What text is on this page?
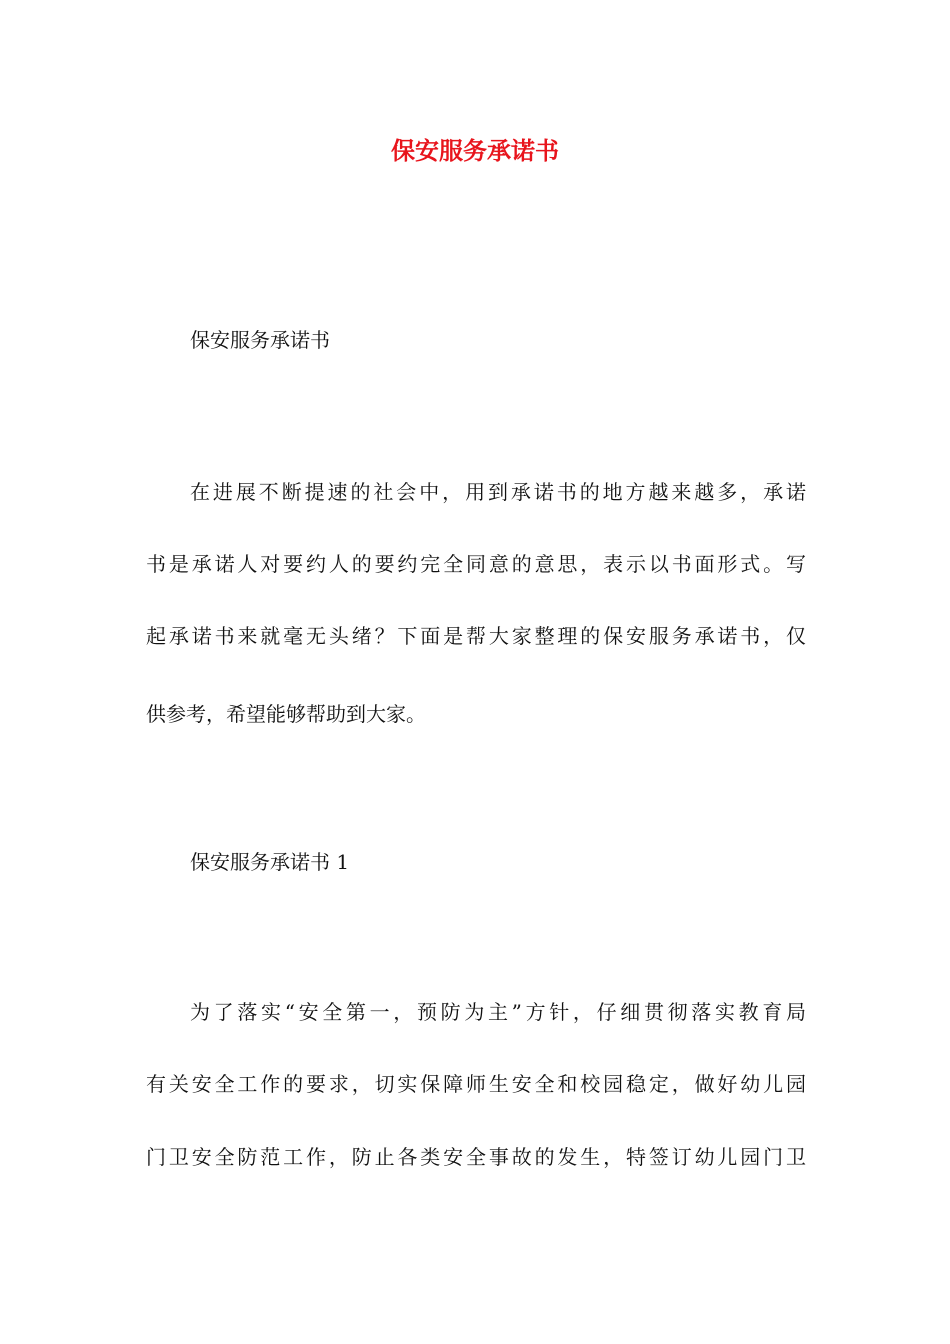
保安服务承诺书
保安服务承诺书
在进展不断提速的社会中，用到承诺书的地方越来越多，承诺
书是承诺人对要约人的要约完全同意的意思，表示以书面形式。写
起承诺书来就毫无头绪？下面是帮大家整理的保安服务承诺书，仅
供参考，希望能够帮助到大家。
保安服务承诺书 1
为了落实“安全第一，预防为主”方针，仔细贯彻落实教育局
有关安全工作的要求，切实保障师生安全和校园稳定，做好幼儿园
门卫安全防范工作，防止各类安全事故的发生，特签订幼儿园门卫
